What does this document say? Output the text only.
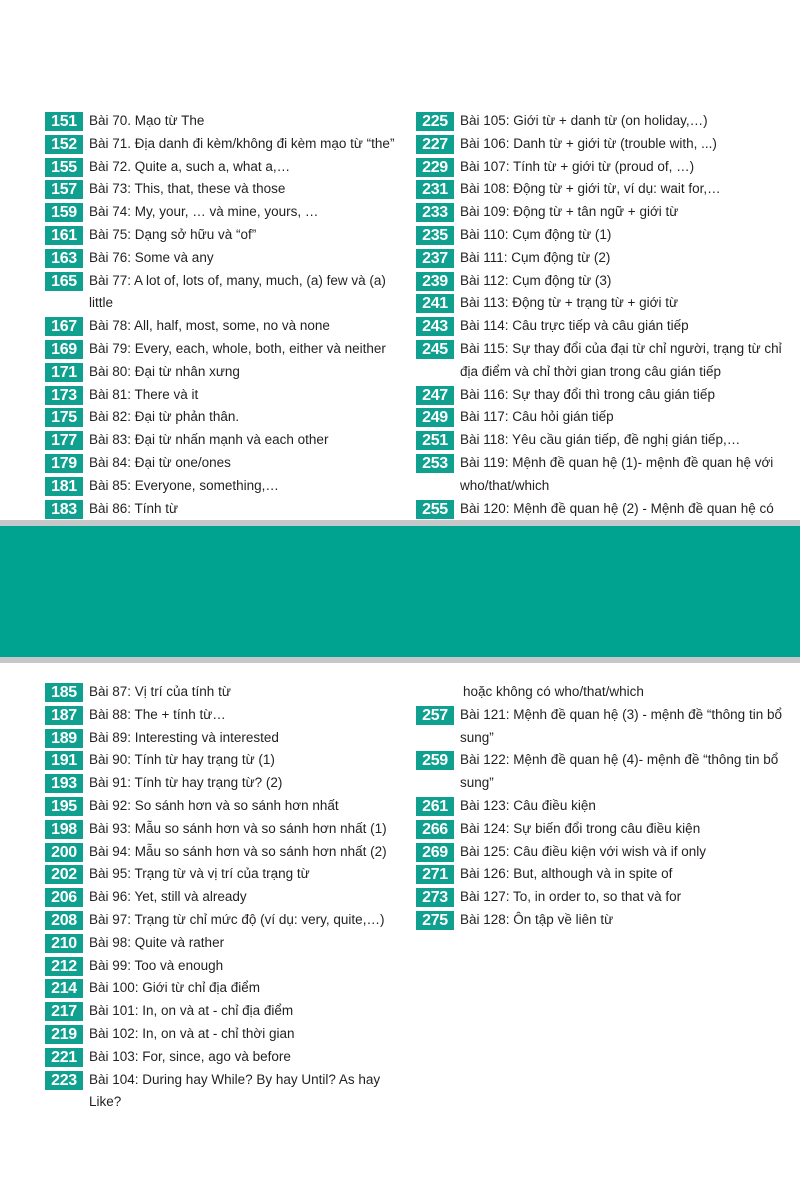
151 Bài 70. Mạo từ The
152 Bài 71. Địa danh đi kèm/không đi kèm mạo từ “the”
155 Bài 72. Quite a, such a, what a,…
157 Bài 73: This, that, these và those
159 Bài 74: My, your, … và mine, yours, …
161 Bài 75: Dạng sở hữu và “of”
163 Bài 76: Some và any
165 Bài 77: A lot of, lots of, many, much, (a) few và (a) little
167 Bài 78: All, half, most, some, no và none
169 Bài 79: Every, each, whole, both, either và neither
171 Bài 80: Đại từ nhân xưng
173 Bài 81: There và it
175 Bài 82: Đại từ phản thân.
177 Bài 83: Đại từ nhấn mạnh và each other
179 Bài 84: Đại từ one/ones
181 Bài 85: Everyone, something,…
183 Bài 86: Tính từ
225 Bài 105: Giới từ + danh từ (on holiday,…)
227 Bài 106: Danh từ + giới từ (trouble with, ...)
229 Bài 107: Tính từ + giới từ (proud of, …)
231 Bài 108: Động từ + giới từ, ví dụ: wait for,…
233 Bài 109: Động từ + tân ngữ + giới từ
235 Bài 110: Cụm động từ (1)
237 Bài 111: Cụm động từ (2)
239 Bài 112: Cụm động từ (3)
241 Bài 113: Động từ + trạng từ + giới từ
243 Bài 114: Câu trực tiếp và câu gián tiếp
245 Bài 115: Sự thay đổi của đại từ chỉ người, trạng từ chỉ địa điểm và chỉ thời gian trong câu gián tiếp
247 Bài 116: Sự thay đổi thì trong câu gián tiếp
249 Bài 117: Câu hỏi gián tiếp
251 Bài 118: Yêu cầu gián tiếp, đề nghị gián tiếp,…
253 Bài 119: Mệnh đề quan hệ (1)- mệnh đề quan hệ với who/that/which
255 Bài 120: Mệnh đề quan hệ (2) - Mệnh đề quan hệ có
185 Bài 87: Vị trí của tính từ
187 Bài 88: The + tính từ…
189 Bài 89: Interesting và interested
191 Bài 90: Tính từ hay trạng từ (1)
193 Bài 91: Tính từ hay trạng từ? (2)
195 Bài 92: So sánh hơn và so sánh hơn nhất
198 Bài 93: Mẫu so sánh hơn và so sánh hơn nhất (1)
200 Bài 94: Mẫu so sánh hơn và so sánh hơn nhất (2)
202 Bài 95: Trạng từ và vị trí của trạng từ
206 Bài 96: Yet, still và already
208 Bài 97: Trạng từ chỉ mức độ (ví dụ: very, quite,…)
210 Bài 98: Quite và rather
212 Bài 99: Too và enough
214 Bài 100: Giới từ chỉ địa điểm
217 Bài 101: In, on và at - chỉ địa điểm
219 Bài 102: In, on và at - chỉ thời gian
221 Bài 103: For, since, ago và before
223 Bài 104: During hay While? By hay Until? As hay Like?
hoặc không có who/that/which
257 Bài 121: Mệnh đề quan hệ (3) - mệnh đề “thông tin bổ sung”
259 Bài 122: Mệnh đề quan hệ (4)- mệnh đề “thông tin bổ sung”
261 Bài 123: Câu điều kiện
266 Bài 124: Sự biến đổi trong câu điều kiện
269 Bài 125: Câu điều kiện với wish và if only
271 Bài 126: But, although và in spite of
273 Bài 127: To, in order to, so that và for
275 Bài 128: Ôn tập về liên từ
